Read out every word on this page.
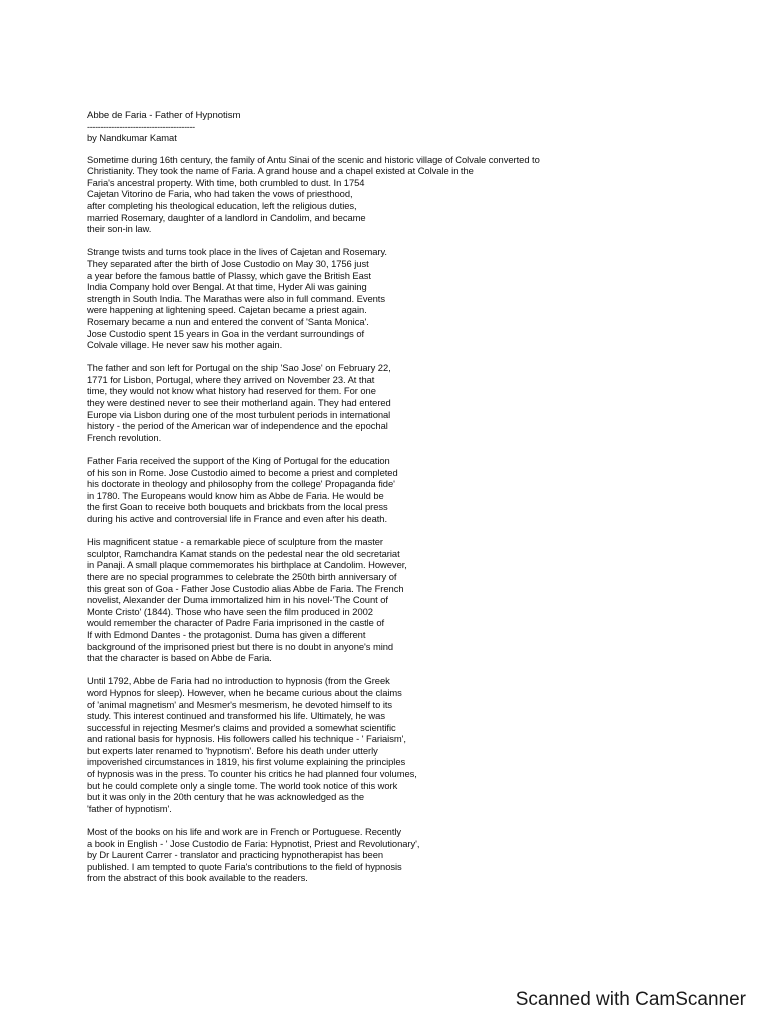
Abbe de Faria - Father of Hypnotism

----------------------------------------

by Nandkumar Kamat

Sometime during 16th century, the family of Antu Sinai of the scenic and historic village of Colvale converted to
Christianity. They took the name of Faria. A grand house and a chapel existed at Colvale in the
Faria's ancestral property. With time, both crumbled to dust. In 1754
Cajetan Vitorino de Faria, who had taken the vows of priesthood,
after completing his theological education, left the religious duties,
married Rosemary, daughter of a landlord in Candolim, and became
their son-in law.

Strange twists and turns took place in the lives of Cajetan and Rosemary.
They separated after the birth of Jose Custodio on May 30, 1756 just
a year before the famous battle of Plassy, which gave the British East
India Company hold over Bengal. At that time, Hyder Ali was gaining
strength in South India. The Marathas were also in full command. Events
were happening at lightening speed. Cajetan became a priest again.
Rosemary became a nun and entered the convent of 'Santa Monica'.
Jose Custodio spent 15 years in Goa in the verdant surroundings of
Colvale village. He never saw his mother again.

The father and son left for Portugal on the ship 'Sao Jose' on February 22,
1771 for Lisbon, Portugal, where they arrived on November 23. At that
time, they would not know what history had reserved for them. For one
they were destined never to see their motherland again. They had entered
Europe via Lisbon during one of the most turbulent periods in international
history - the period of the American war of independence and the epochal
French revolution.

Father Faria received the support of the King of Portugal for the education
of his son in Rome. Jose Custodio aimed to become a priest and completed
his doctorate in theology and philosophy from the college' Propaganda fide'
in 1780. The Europeans would know him as Abbe de Faria. He would be
the first Goan to receive both bouquets and brickbats from the local press
during his active and controversial life in France and even after his death.

His magnificent statue - a remarkable piece of sculpture from the master
sculptor, Ramchandra Kamat stands on the pedestal near the old secretariat
in Panaji. A small plaque commemorates his birthplace at Candolim. However,
there are no special programmes to celebrate the 250th birth anniversary of
this great son of Goa - Father Jose Custodio alias Abbe de Faria. The French
novelist, Alexander der Duma immortalized him in his novel-'The Count of
Monte Cristo' (1844). Those who have seen the film produced in 2002
would remember the character of Padre Faria imprisoned in the castle of
If with Edmond Dantes - the protagonist. Duma has given a different
background of the imprisoned priest but there is no doubt in anyone's mind
that the character is based on Abbe de Faria.

Until 1792, Abbe de Faria had no introduction to hypnosis (from the Greek
word Hypnos for sleep). However, when he became curious about the claims
of 'animal magnetism' and Mesmer's mesmerism, he devoted himself to its
study. This interest continued and transformed his life. Ultimately, he was
successful in rejecting Mesmer's claims and provided a somewhat scientific
and rational basis for hypnosis. His followers called his technique - ' Fariaism',
but experts later renamed to 'hypnotism'. Before his death under utterly
impoverished circumstances in 1819, his first volume explaining the principles
of hypnosis was in the press. To counter his critics he had planned four volumes,
but he could complete only a single tome. The world took notice of this work
but it was only in the 20th century that he was acknowledged as the
'father of hypnotism'.

Most of the books on his life and work are in French or Portuguese. Recently
a book in English - ' Jose Custodio de Faria: Hypnotist, Priest and Revolutionary',
by Dr Laurent Carrer - translator and practicing hypnotherapist has been
published. I am tempted to quote Faria's contributions to the field of hypnosis
from the abstract of this book available to the readers.

Scanned with CamScanner
